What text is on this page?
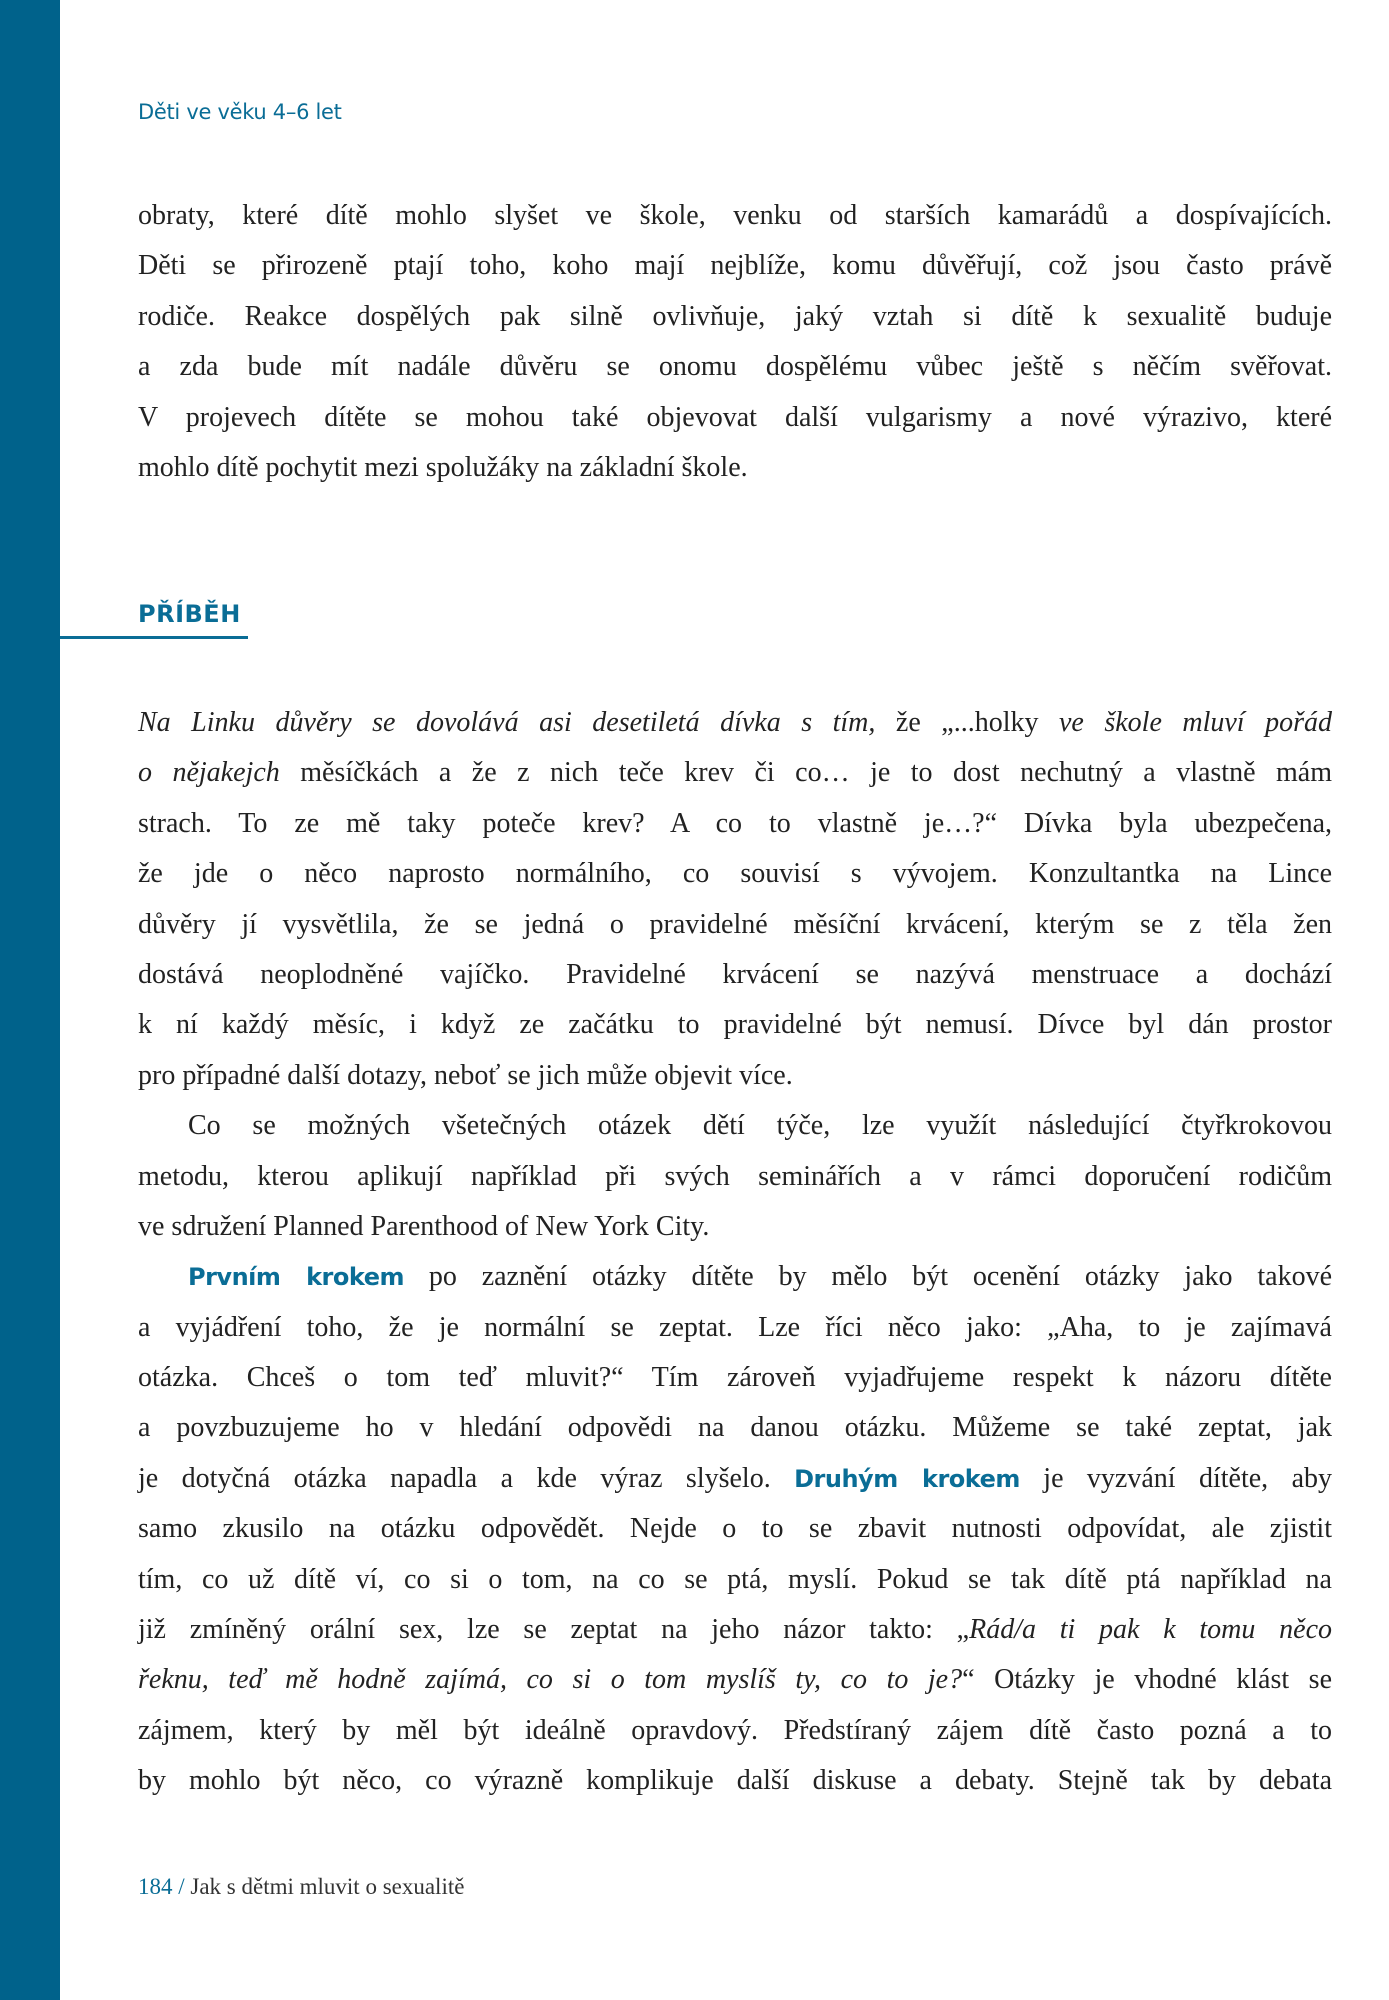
Děti ve věku 4–6 let
obraty, které dítě mohlo slyšet ve škole, venku od starších kamarádů a dospívajících.
Děti se přirozeně ptají toho, koho mají nejblíže, komu důvěřují, což jsou často právě
rodiče. Reakce dospělých pak silně ovlivňuje, jaký vztah si dítě k sexualitě buduje
a zda bude mít nadále důvěru se onomu dospělému vůbec ještě s něčím svěřovat.
V projevech dítěte se mohou také objevovat další vulgarismy a nové výrazivo, které
mohlo dítě pochytit mezi spolužáky na základní škole.
PŘÍBĚH
Na Linku důvěry se dovolává asi desetiletá dívka s tím, že „...holky ve škole mluví pořád
o nějakejch měsíčkách a že z nich teče krev či co… je to dost nechutný a vlastně mám
strach. To ze mě taky poteče krev? A co to vlastně je…?“ Dívka byla ubezpečena,
že jde o něco naprosto normálního, co souvisí s vývojem. Konzultantka na Lince
důvěry jí vysvětlila, že se jedná o pravidelné měsíční krvácení, kterým se z těla žen
dostává neoplodněné vajíčko. Pravidelné krvácení se nazývá menstruace a dochází
k ní každý měsíc, i když ze začátku to pravidelné být nemusí. Dívce byl dán prostor
pro případné další dotazy, neboť se jich může objevit více.
Co se možných všetečných otázek dětí týče, lze využít následující čtyřkrokovou
metodu, kterou aplikují například při svých seminářích a v rámci doporučení rodičům
ve sdružení Planned Parenthood of New York City.
Prvním krokem po zaznění otázky dítěte by mělo být ocenění otázky jako takové
a vyjádření toho, že je normální se zeptat. Lze říci něco jako: „Aha, to je zajímavá
otázka. Chceš o tom teď mluvit?“ Tím zároveň vyjadřujeme respekt k názoru dítěte
a povzbuzujeme ho v hledání odpovědi na danou otázku. Můžeme se také zeptat, jak
je dotyčná otázka napadla a kde výraz slyšelo. Druhým krokem je vyzvání dítěte, aby
samo zkusilo na otázku odpovědět. Nejde o to se zbavit nutnosti odpovídat, ale zjistit
tím, co už dítě ví, co si o tom, na co se ptá, myslí. Pokud se tak dítě ptá například na
již zmíněný orální sex, lze se zeptat na jeho názor takto: „Rád/a ti pak k tomu něco
řeknu, teď mě hodně zajímá, co si o tom myslíš ty, co to je?“ Otázky je vhodné klást se
zájmem, který by měl být ideálně opravdový. Předstíraný zájem dítě často pozná a to
by mohlo být něco, co výrazně komplikuje další diskuse a debaty. Stejně tak by debata
184 / Jak s dětmi mluvit o sexualitě
